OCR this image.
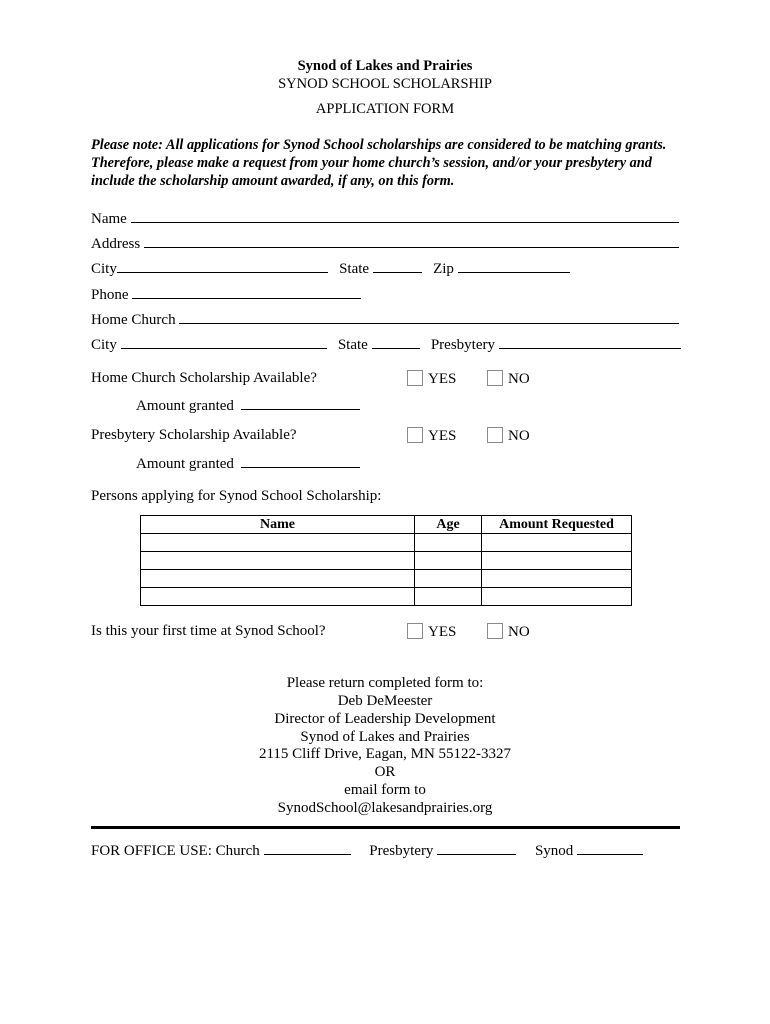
Synod of Lakes and Prairies
SYNOD SCHOOL SCHOLARSHIP
APPLICATION FORM
Please note: All applications for Synod School scholarships are considered to be matching grants. Therefore, please make a request from your home church’s session, and/or your presbytery and include the scholarship amount awarded, if any, on this form.
Name
Address
City	State	Zip
Phone
Home Church
City	State	Presbytery
Home Church Scholarship Available?	YES	NO
Amount granted
Presbytery Scholarship Available?	YES	NO
Amount granted
Persons applying for Synod School Scholarship:
Name	Age	Amount Requested

Is this your first time at Synod School?	YES	NO
Please return completed form to:
Deb DeMeester
Director of Leadership Development
Synod of Lakes and Prairies
2115 Cliff Drive, Eagan, MN 55122-3327
OR
email form to
SynodSchool@lakesandprairies.org
FOR OFFICE USE: Church	Presbytery	Synod
